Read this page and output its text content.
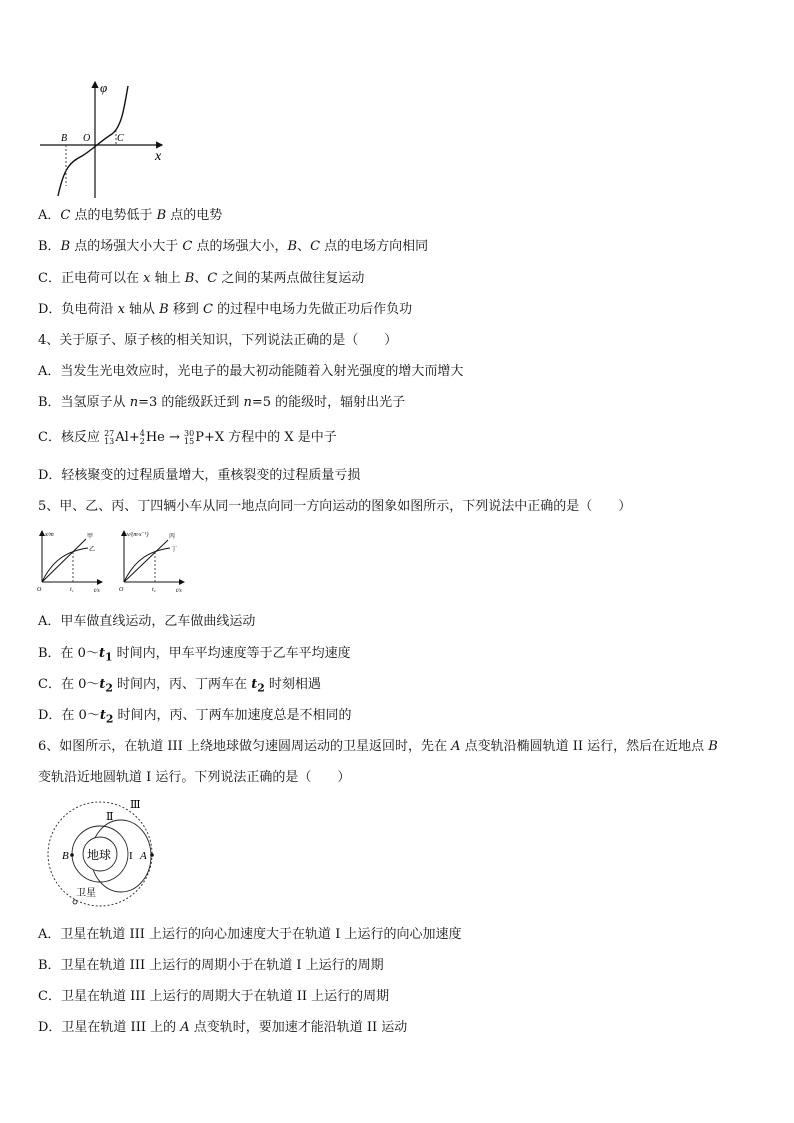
φ
x
B O	C
A．C 点的电势低于 B 点的电势
B．B 点的场强大小大于 C 点的场强大小，B、C 点的电场方向相同
C．正电荷可以在 x 轴上 B、C 之间的某两点做往复运动
D．负电荷沿 x 轴从 B 移到 C 的过程中电场力先做正功后作负功
4、关于原子、原子核的相关知识，下列说法正确的是（　　）
A．当发生光电效应时，光电子的最大初动能随着入射光强度的增大而增大
B．当氢原子从 n=3 的能级跃迁到 n=5 的能级时，辐射出光子
C．核反应 27
13 Al+ 4
2 He → 30
15 P+X 方程中的 X 是中子
D．轻核聚变的过程质量增大，重核裂变的过程质量亏损
5、甲、乙、丙、丁四辆小车从同一地点向同一方向运动的图象如图所示，下列说法中正确的是（　　）
x/m
t/s
O	t₁
甲
乙
v/(m·s⁻¹)
t/s
O	t₂
丙
丁
A．甲车做直线运动，乙车做曲线运动
B．在 $0\sim t_1$ 时间内，甲车平均速度等于乙车平均速度
C．在 $0\sim t_2$ 时间内，丙、丁两车在 $t_2$ 时刻相遇
D．在 $0\sim t_2$ 时间内，丙、丁两车加速度总是不相同的
6、如图所示，在轨道 III 上绕地球做匀速圆周运动的卫星返回时，先在 A 点变轨沿椭圆轨道 II 运行，然后在近地点 B
变轨沿近地圆轨道 I 运行。下列说法正确的是（　　）
地球
B	A
I
Ⅱ
Ⅲ
卫星
A．卫星在轨道 III 上运行的向心加速度大于在轨道 I 上运行的向心加速度
B．卫星在轨道 III 上运行的周期小于在轨道 I 上运行的周期
C．卫星在轨道 III 上运行的周期大于在轨道 II 上运行的周期
D．卫星在轨道 III 上的 A 点变轨时，要加速才能沿轨道 II 运动
